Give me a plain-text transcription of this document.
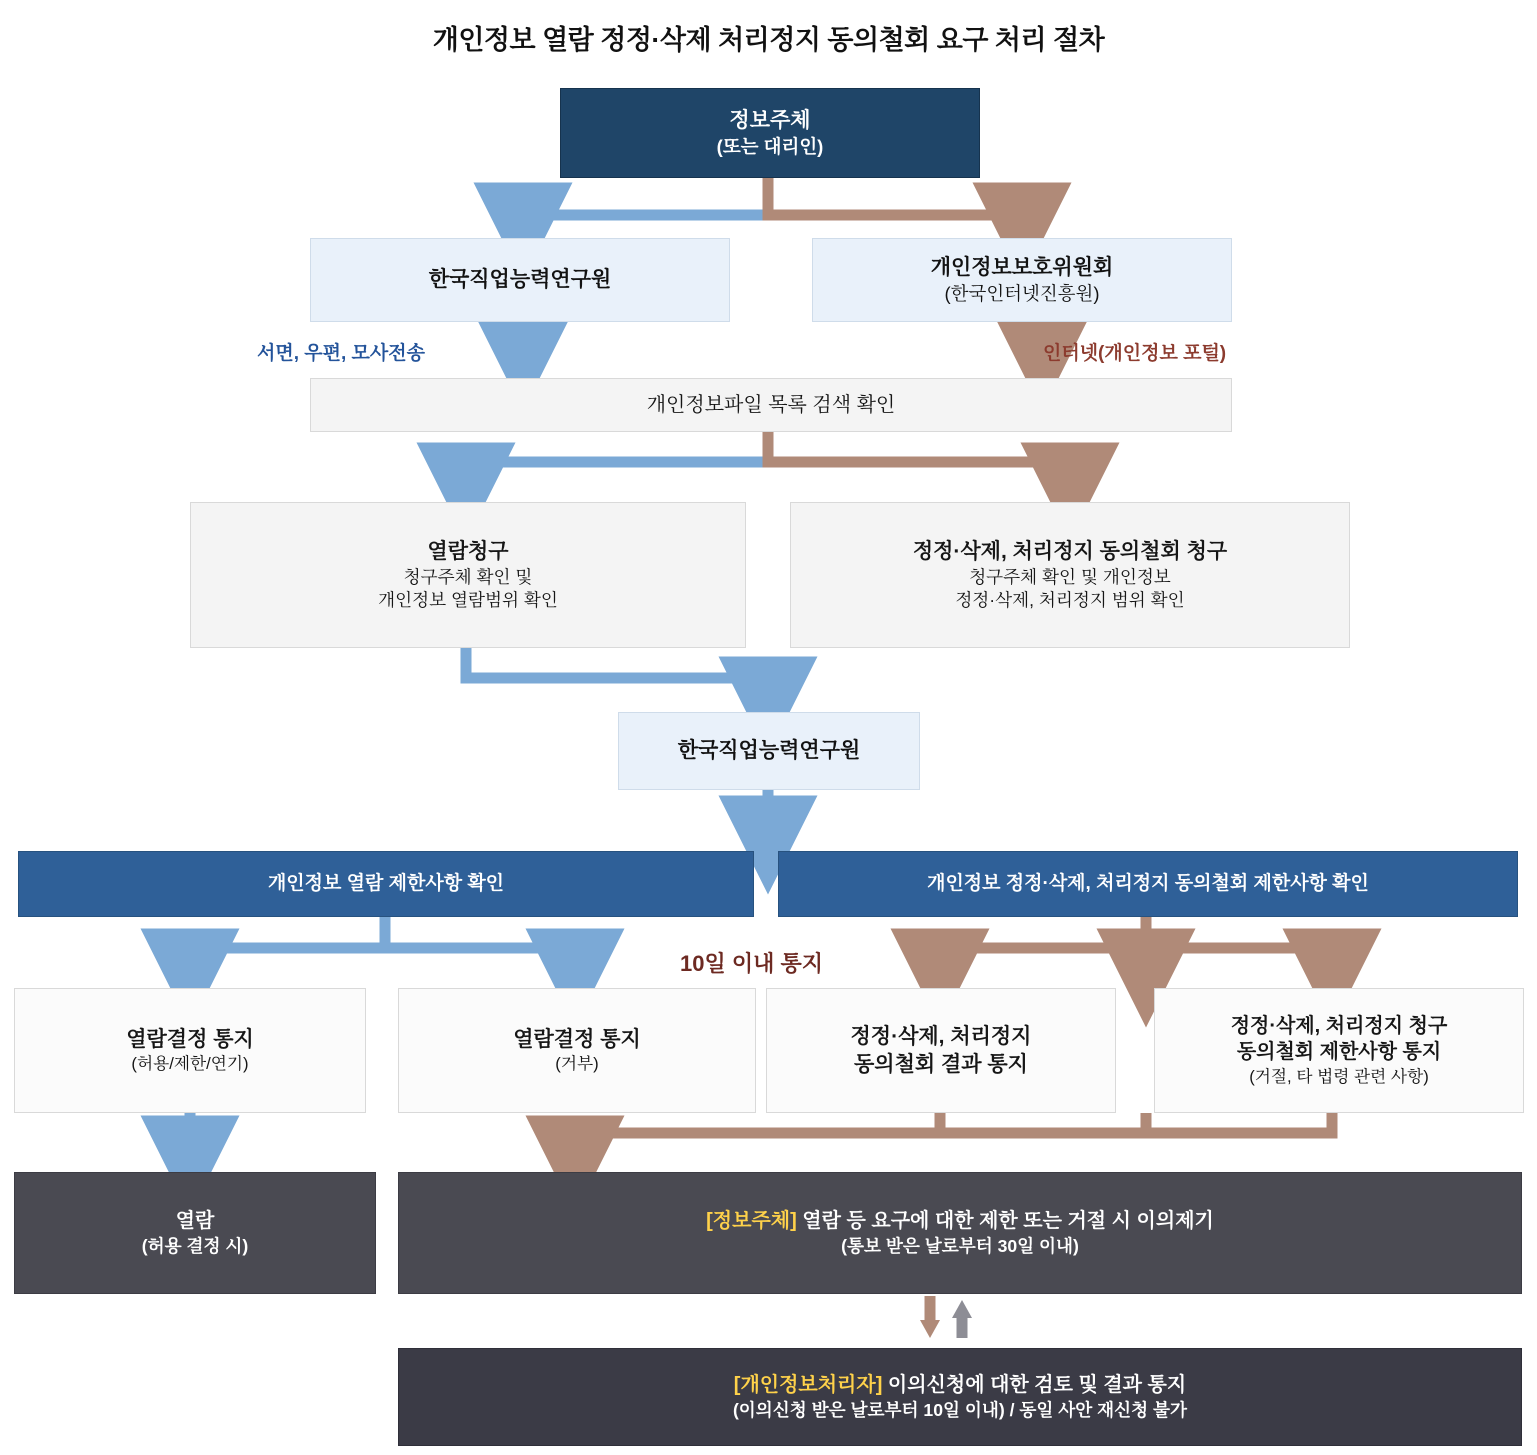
개인정보 열람 정정·삭제 처리정지 동의철회 요구 처리 절차
정보주체
(또는 대리인)
한국직업능력연구원
개인정보보호위원회
(한국인터넷진흥원)
서면, 우편, 모사전송	인터넷(개인정보 포털)
개인정보파일 목록 검색 확인
열람청구
청구주체 확인 및
개인정보 열람범위 확인
정정·삭제, 처리정지 동의철회 청구
청구주체 확인 및 개인정보
정정·삭제, 처리정지 범위 확인
한국직업능력연구원
개인정보 열람 제한사항 확인	개인정보 정정·삭제, 처리정지 동의철회 제한사항 확인
10일 이내 통지
열람결정 통지
(허용/제한/연기)
열람결정 통지
(거부)
정정·삭제, 처리정지
동의철회 결과 통지
정정·삭제, 처리정지 청구
동의철회 제한사항 통지
(거절, 타 법령 관련 사항)
열람
(허용 결정 시)
[정보주체] 열람 등 요구에 대한 제한 또는 거절 시 이의제기
(통보 받은 날로부터 30일 이내)
[개인정보처리자] 이의신청에 대한 검토 및 결과 통지
(이의신청 받은 날로부터 10일 이내) / 동일 사안 재신청 불가
